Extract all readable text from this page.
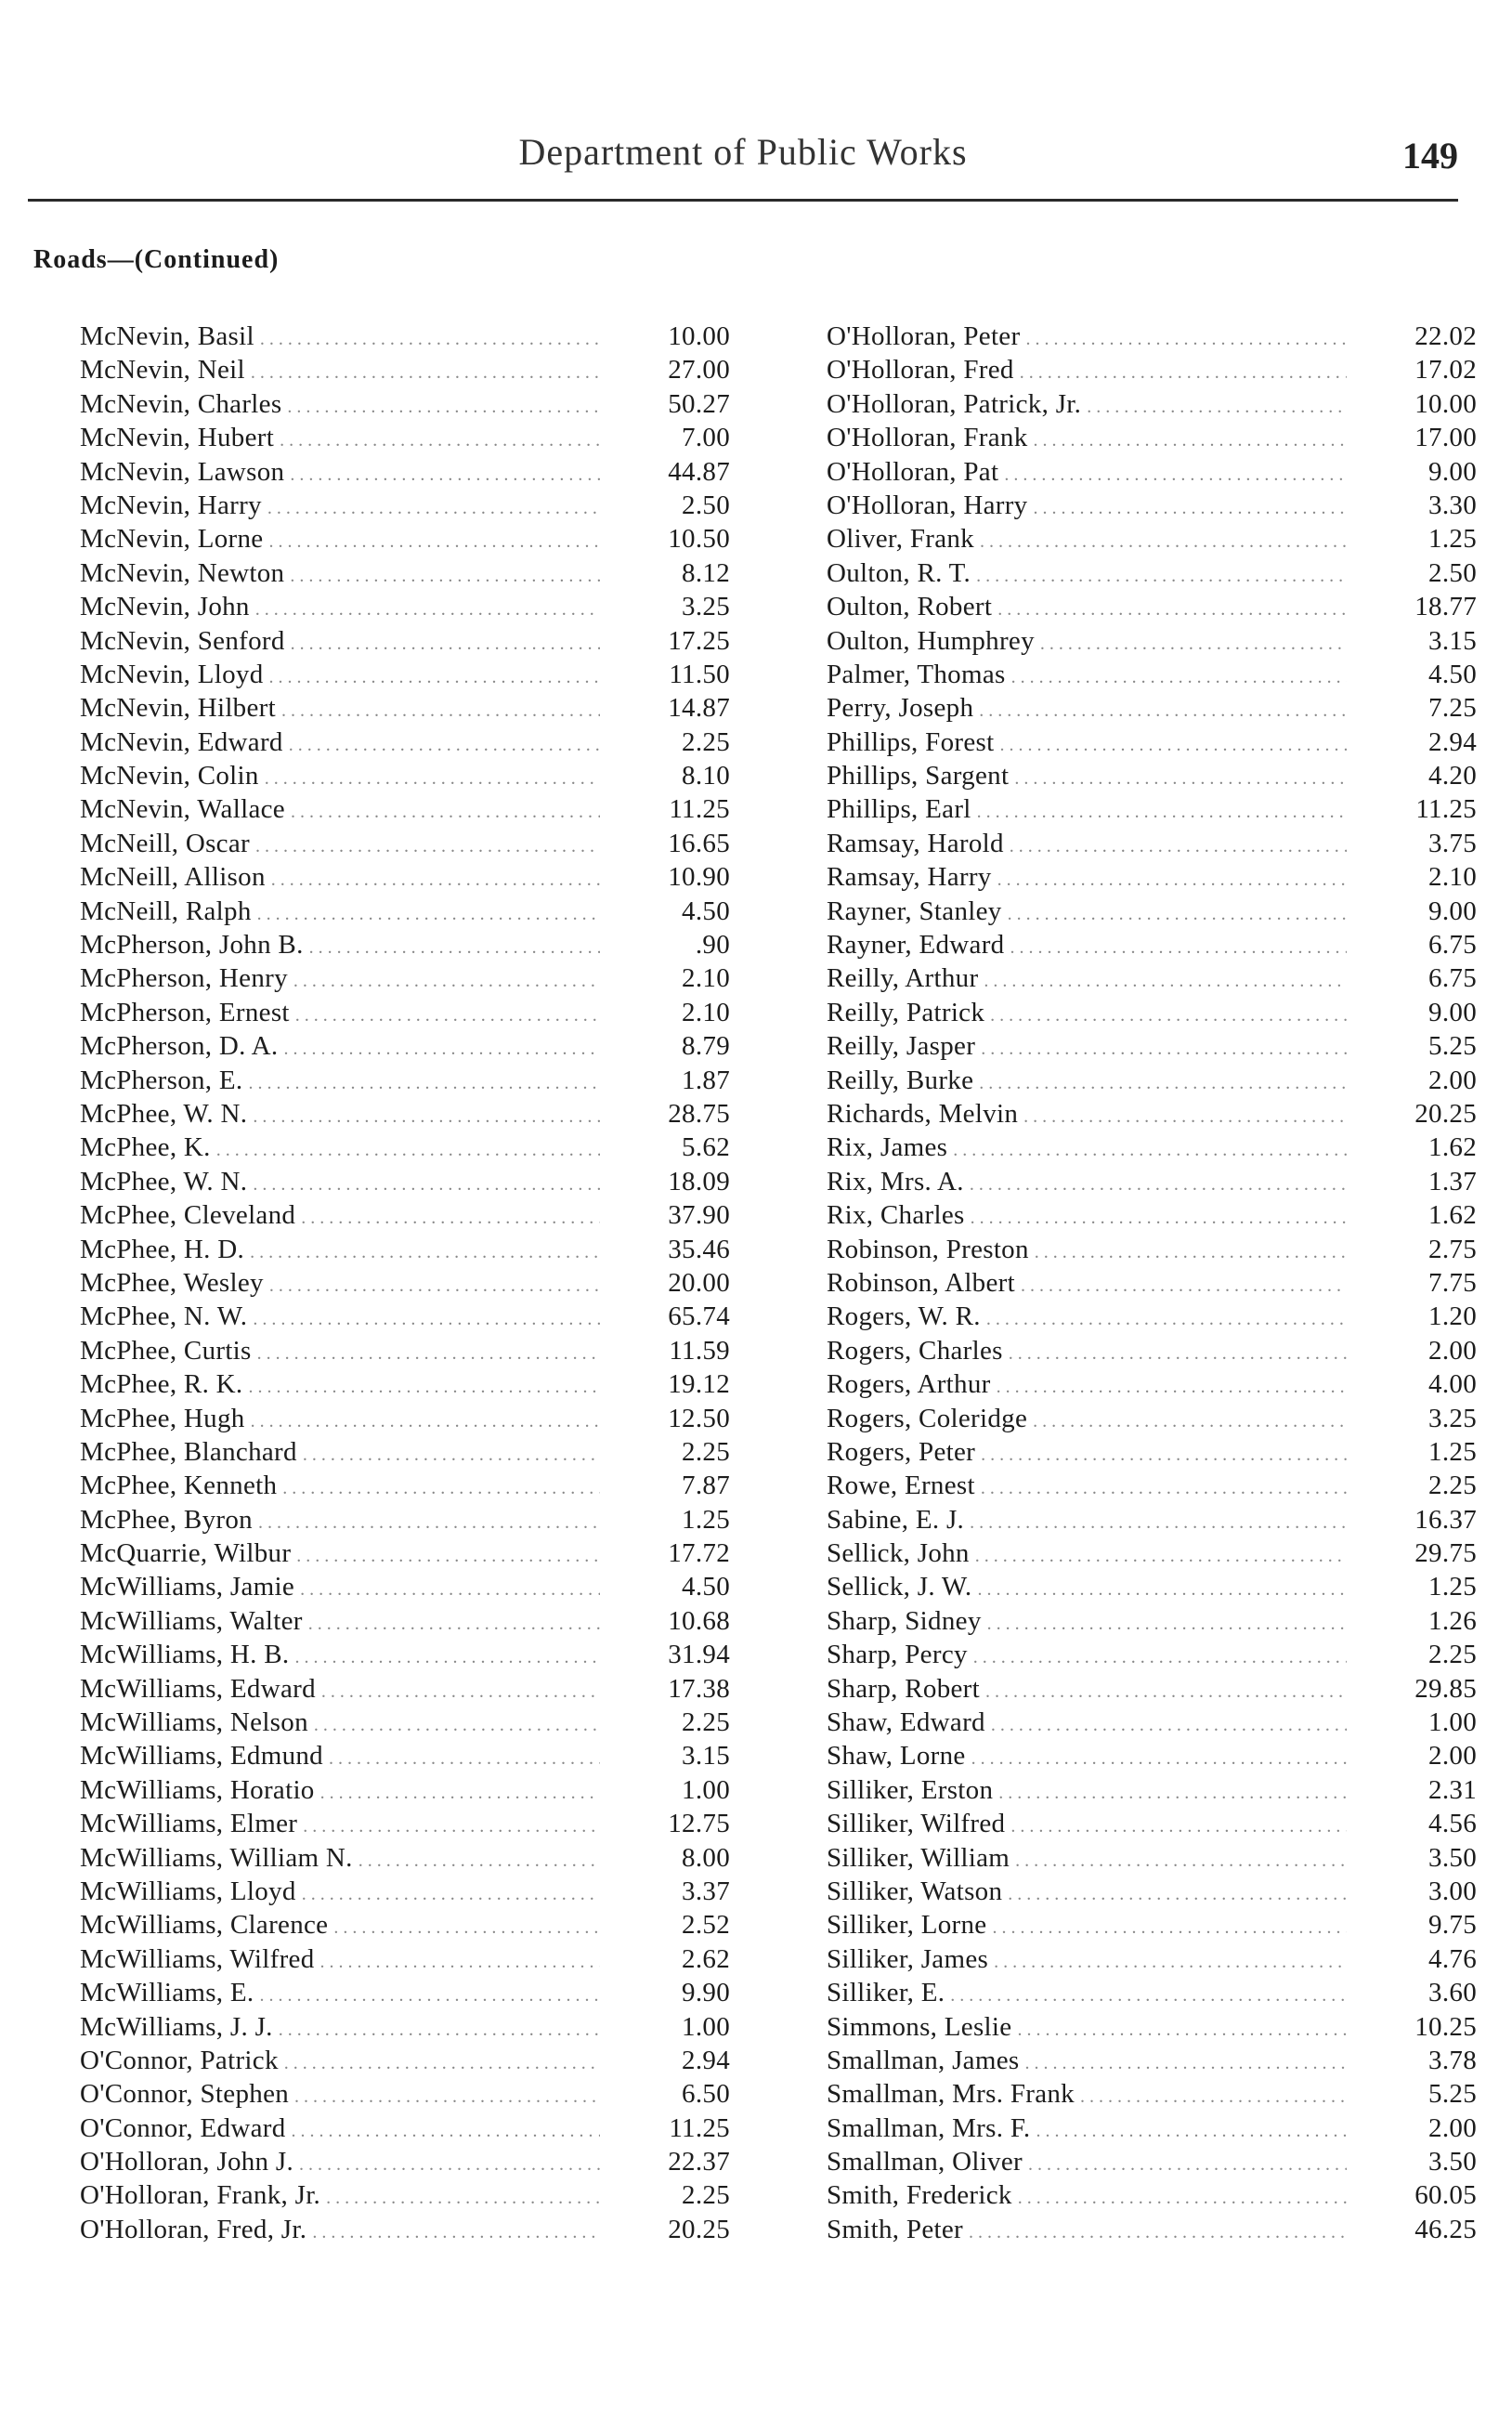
Department of Public Works	149
Roads—(Continued)
McNevin, Basil .....	10.00
McNevin, Neil .....	27.00
McNevin, Charles .....	50.27
McNevin, Hubert .....	7.00
McNevin, Lawson .....	44.87
McNevin, Harry .....	2.50
McNevin, Lorne .....	10.50
McNevin, Newton .....	8.12
McNevin, John .....	3.25
McNevin, Senford .....	17.25
McNevin, Lloyd .....	11.50
McNevin, Hilbert .....	14.87
McNevin, Edward .....	2.25
McNevin, Colin .....	8.10
McNevin, Wallace .....	11.25
McNeill, Oscar .....	16.65
McNeill, Allison .....	10.90
McNeill, Ralph .....	4.50
McPherson, John B. .....	.90
McPherson, Henry .....	2.10
McPherson, Ernest .....	2.10
McPherson, D. A. .....	8.79
McPherson, E. .....	1.87
McPhee, W. N. .....	28.75
McPhee, K. .....	5.62
McPhee, W. N. .....	18.09
McPhee, Cleveland .....	37.90
McPhee, H. D. .....	35.46
McPhee, Wesley .....	20.00
McPhee, N. W. .....	65.74
McPhee, Curtis .....	11.59
McPhee, R. K. .....	19.12
McPhee, Hugh .....	12.50
McPhee, Blanchard .....	2.25
McPhee, Kenneth .....	7.87
McPhee, Byron .....	1.25
McQuarrie, Wilbur .....	17.72
McWilliams, Jamie .....	4.50
McWilliams, Walter .....	10.68
McWilliams, H. B. .....	31.94
McWilliams, Edward .....	17.38
McWilliams, Nelson .....	2.25
McWilliams, Edmund .....	3.15
McWilliams, Horatio .....	1.00
McWilliams, Elmer .....	12.75
McWilliams, William N. .....	8.00
McWilliams, Lloyd .....	3.37
McWilliams, Clarence .....	2.52
McWilliams, Wilfred .....	2.62
McWilliams, E. .....	9.90
McWilliams, J. J. .....	1.00
O'Connor, Patrick .....	2.94
O'Connor, Stephen .....	6.50
O'Connor, Edward .....	11.25
O'Holloran, John J. .....	22.37
O'Holloran, Frank, Jr. .....	2.25
O'Holloran, Fred, Jr. .....	20.25
O'Holloran, Peter .....	22.02
O'Holloran, Fred .....	17.02
O'Holloran, Patrick, Jr. .....	10.00
O'Holloran, Frank .....	17.00
O'Holloran, Pat .....	9.00
O'Holloran, Harry .....	3.30
Oliver, Frank .....	1.25
Oulton, R. T. .....	2.50
Oulton, Robert .....	18.77
Oulton, Humphrey .....	3.15
Palmer, Thomas .....	4.50
Perry, Joseph .....	7.25
Phillips, Forest .....	2.94
Phillips, Sargent .....	4.20
Phillips, Earl .....	11.25
Ramsay, Harold .....	3.75
Ramsay, Harry .....	2.10
Rayner, Stanley .....	9.00
Rayner, Edward .....	6.75
Reilly, Arthur .....	6.75
Reilly, Patrick .....	9.00
Reilly, Jasper .....	5.25
Reilly, Burke .....	2.00
Richards, Melvin .....	20.25
Rix, James .....	1.62
Rix, Mrs. A. .....	1.37
Rix, Charles .....	1.62
Robinson, Preston .....	2.75
Robinson, Albert .....	7.75
Rogers, W. R. .....	1.20
Rogers, Charles .....	2.00
Rogers, Arthur .....	4.00
Rogers, Coleridge .....	3.25
Rogers, Peter .....	1.25
Rowe, Ernest .....	2.25
Sabine, E. J. .....	16.37
Sellick, John .....	29.75
Sellick, J. W. .....	1.25
Sharp, Sidney .....	1.26
Sharp, Percy .....	2.25
Sharp, Robert .....	29.85
Shaw, Edward .....	1.00
Shaw, Lorne .....	2.00
Silliker, Erston .....	2.31
Silliker, Wilfred .....	4.56
Silliker, William .....	3.50
Silliker, Watson .....	3.00
Silliker, Lorne .....	9.75
Silliker, James .....	4.76
Silliker, E. .....	3.60
Simmons, Leslie .....	10.25
Smallman, James .....	3.78
Smallman, Mrs. Frank .....	5.25
Smallman, Mrs. F. .....	2.00
Smallman, Oliver .....	3.50
Smith, Frederick .....	60.05
Smith, Peter .....	46.25
